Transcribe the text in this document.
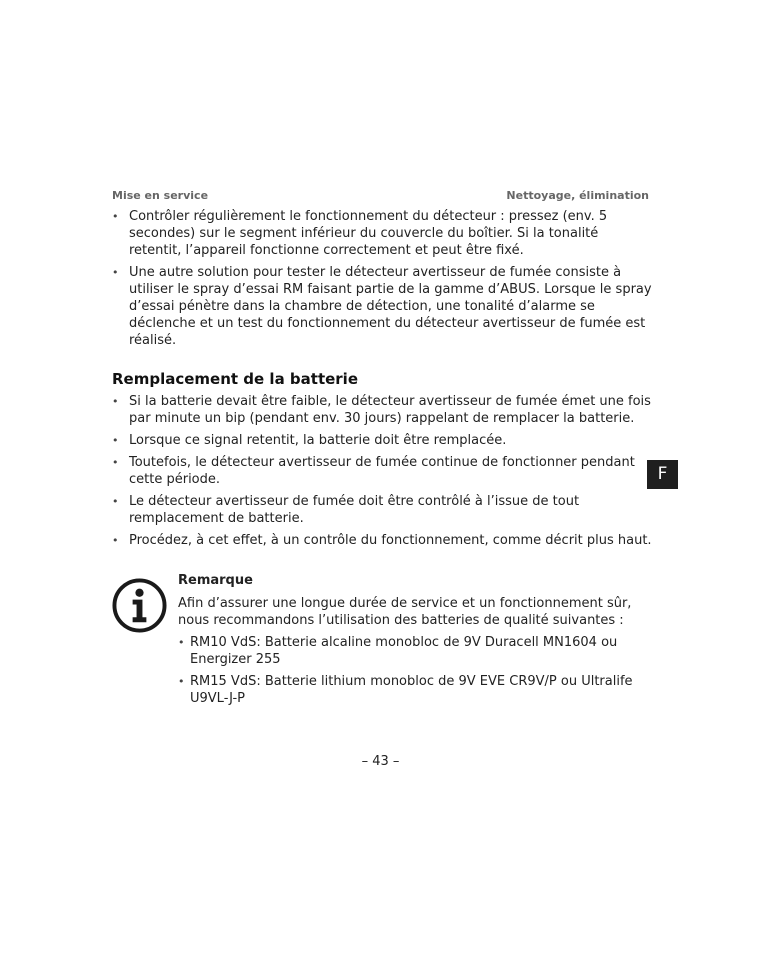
Mise en service	Nettoyage, élimination
• Contrôler régulièrement le fonctionnement du détecteur : pressez (env. 5 secondes) sur le segment inférieur du couvercle du boîtier. Si la tonalité retentit, l’appareil fonctionne correctement et peut être fixé.
• Une autre solution pour tester le détecteur avertisseur de fumée consiste à utiliser le spray d’essai RM faisant partie de la gamme d’ABUS. Lorsque le spray d’essai pénètre dans la chambre de détection, une tonalité d’alarme se déclenche et un test du fonctionnement du détecteur avertisseur de fumée est réalisé.
Remplacement de la batterie
• Si la batterie devait être faible, le détecteur avertisseur de fumée émet une fois par minute un bip (pendant env. 30 jours) rappelant de remplacer la batterie.
• Lorsque ce signal retentit, la batterie doit être remplacée.
• Toutefois, le détecteur avertisseur de fumée continue de fonctionner pendant cette période.
• Le détecteur avertisseur de fumée doit être contrôlé à l’issue de tout remplacement de batterie.
• Procédez, à cet effet, à un contrôle du fonctionnement, comme décrit plus haut.
F
Remarque
Afin d’assurer une longue durée de service et un fonctionnement sûr, nous recommandons l’utilisation des batteries de qualité suivantes :
• RM10 VdS: Batterie alcaline monobloc de 9V Duracell MN1604 ou Energizer 255
• RM15 VdS: Batterie lithium monobloc de 9V EVE CR9V/P ou Ultralife U9VL-J-P
– 43 –
